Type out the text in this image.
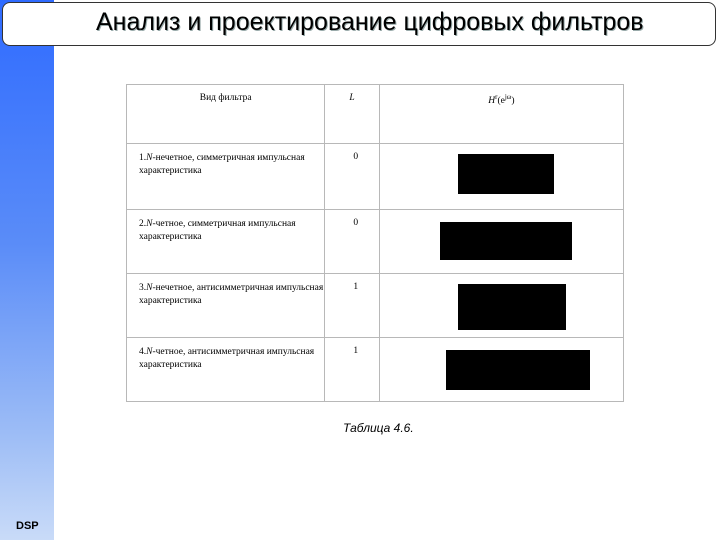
DSP
Анализ и проектирование цифровых фильтров
Вид фильтра	L	$H^r(e^{j\omega})$

1.N-нечетное, симметричная импульсная характеристика	0	

2.N-четное, симметричная импульсная характеристика	0	

3.N-нечетное, антисимметричная импульсная характеристика	1	

4.N-четное, антисимметричная импульсная характеристика	1	

Таблица 4.6.
